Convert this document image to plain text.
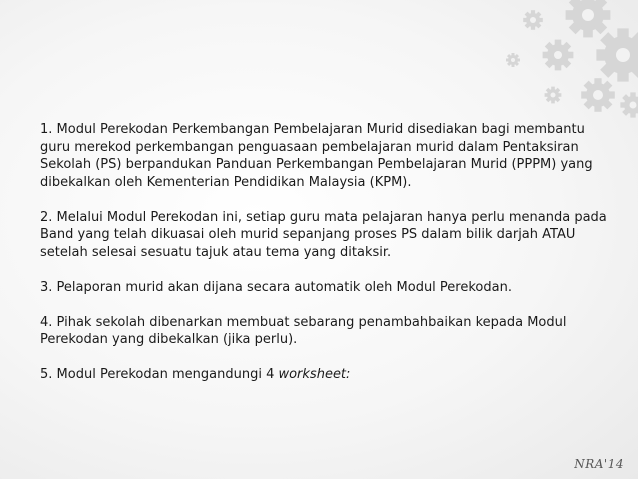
1. Modul Perekodan Perkembangan Pembelajaran Murid disediakan bagi membantu guru merekod perkembangan penguasaan pembelajaran murid dalam Pentaksiran Sekolah (PS) berpandukan Panduan Perkembangan Pembelajaran Murid (PPPM) yang dibekalkan oleh Kementerian Pendidikan Malaysia (KPM).

2. Melalui Modul Perekodan ini, setiap guru mata pelajaran hanya perlu menanda pada Band yang telah dikuasai oleh murid sepanjang proses PS dalam bilik darjah ATAU setelah selesai sesuatu tajuk atau tema yang ditaksir.

3. Pelaporan murid akan dijana secara automatik oleh Modul Perekodan.

4. Pihak sekolah dibenarkan membuat sebarang penambahbaikan kepada Modul Perekodan yang dibekalkan (jika perlu).

5. Modul Perekodan mengandungi 4 worksheet:

NRA'14
